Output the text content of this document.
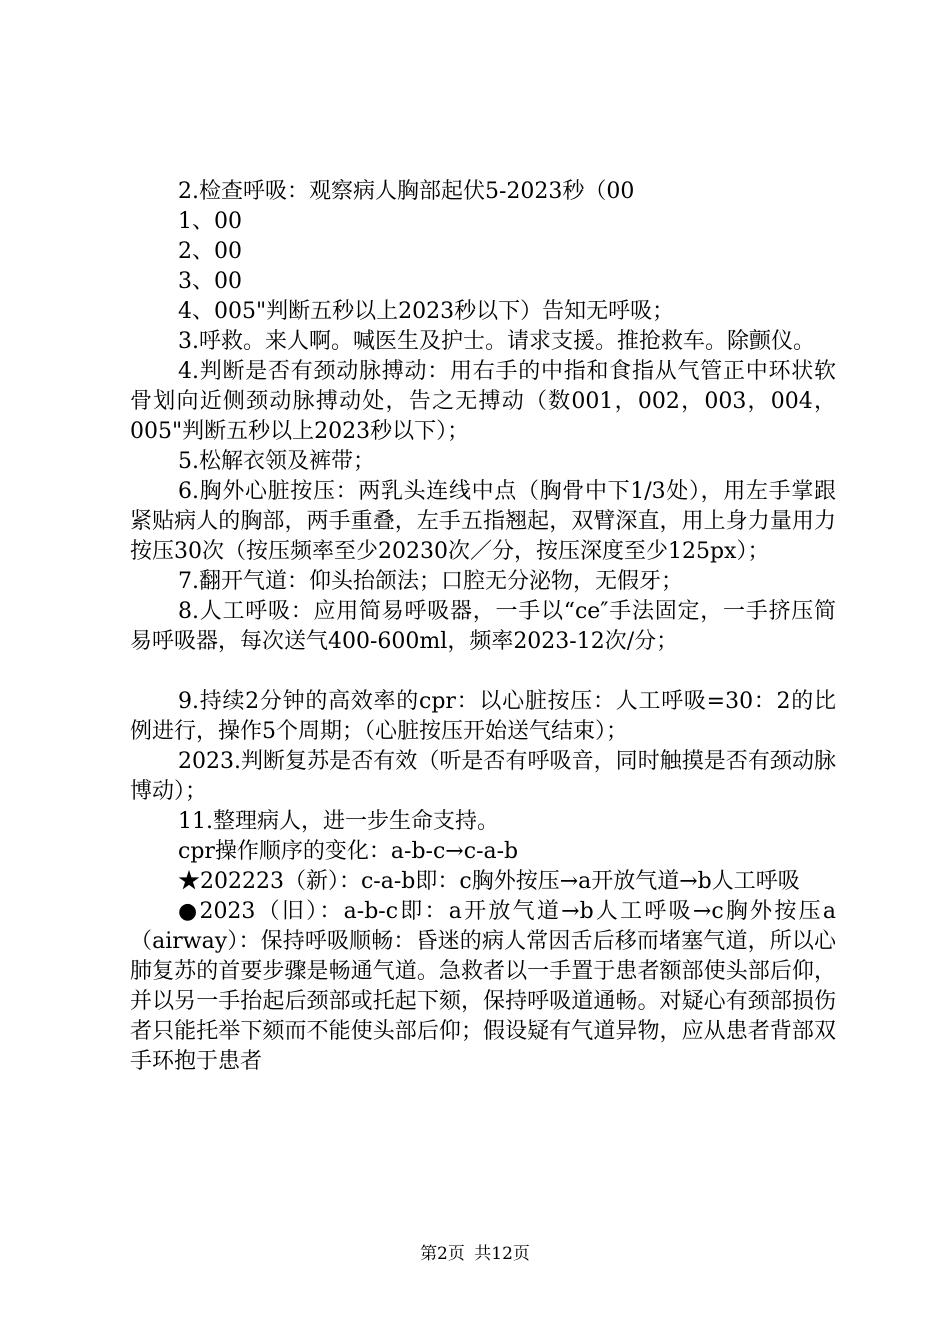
2.检查呼吸：观察病人胸部起伏5-2023秒（00

1、00

2、00

3、00

4、005"判断五秒以上2023秒以下）告知无呼吸；

3.呼救。来人啊。喊医生及护士。请求支援。推抢救车。除颤仪。

4.判断是否有颈动脉搏动：用右手的中指和食指从气管正中环状软骨划向近侧颈动脉搏动处，告之无搏动（数001，002，003，004，005"判断五秒以上2023秒以下）；

5.松解衣领及裤带；

6.胸外心脏按压：两乳头连线中点（胸骨中下1/3处），用左手掌跟紧贴病人的胸部，两手重叠，左手五指翘起，双臂深直，用上身力量用力按压30次（按压频率至少20230次／分，按压深度至少125px）；

7.翻开气道：仰头抬颌法；口腔无分泌物，无假牙；

8.人工呼吸：应用简易呼吸器，一手以“ce″手法固定，一手挤压简易呼吸器，每次送气400-600ml，频率2023-12次/分；

9.持续2分钟的高效率的cpr：以心脏按压：人工呼吸=30：2的比例进行，操作5个周期；（心脏按压开始送气结束）；

2023.判断复苏是否有效（听是否有呼吸音，同时触摸是否有颈动脉博动）；

11.整理病人，进一步生命支持。

cpr操作顺序的变化：a-b-c→c-a-b

★202223（新）：c-a-b即：c胸外按压→a开放气道→b人工呼吸

●2023（旧）：a-b-c即：a开放气道→b人工呼吸→c胸外按压a（airway）：保持呼吸顺畅：昏迷的病人常因舌后移而堵塞气道，所以心肺复苏的首要步骤是畅通气道。急救者以一手置于患者额部使头部后仰，并以另一手抬起后颈部或托起下颏，保持呼吸道通畅。对疑心有颈部损伤者只能托举下颏而不能使头部后仰；假设疑有气道异物，应从患者背部双手环抱于患者

第2页 共12页
